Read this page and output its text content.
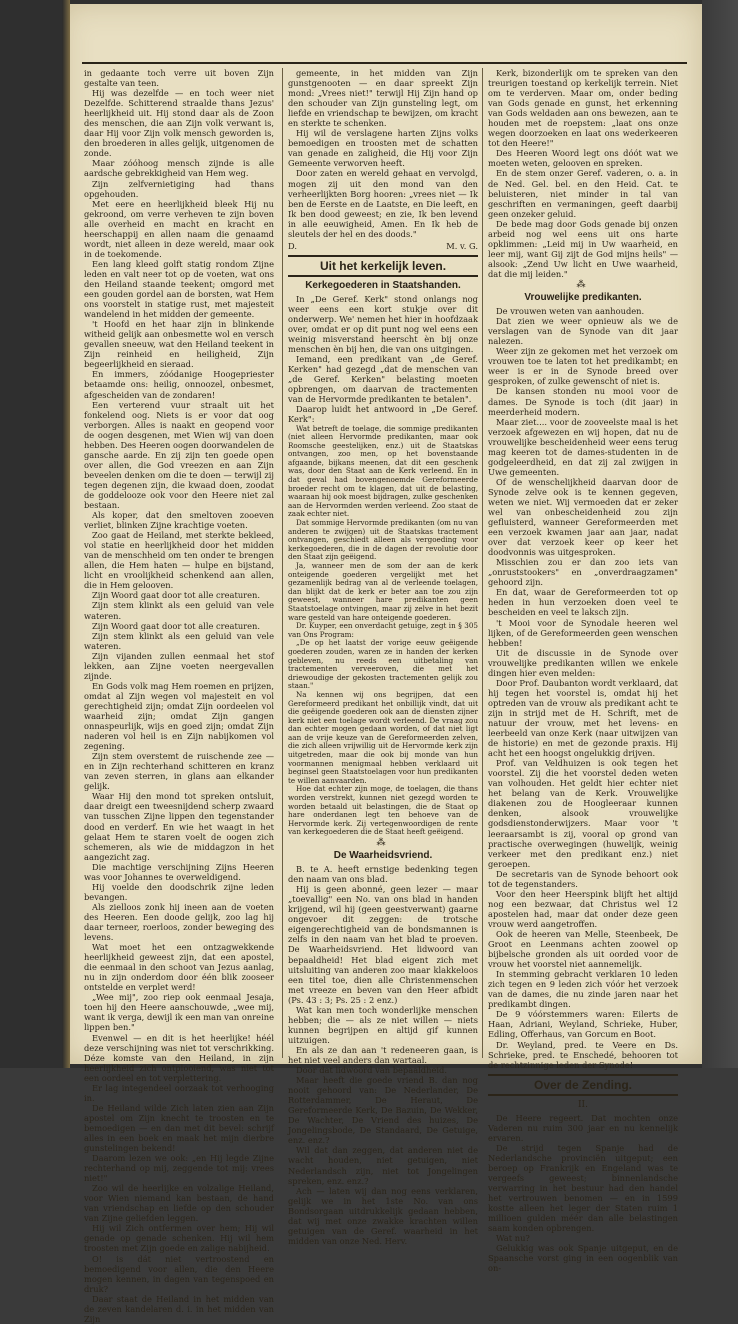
in gedaante toch verre uit boven Zijn gestalte van teen.

Hij was dezelfde — en toch weer niet Dezelfde. Schitterend straalde thans Jezus' heerlijkheid uit. Hij stond daar als de Zoon des menschen, die aan Zijn volk verwant is, daar Hij voor Zijn volk mensch geworden is, den broederen in alles gelijk, uitgenomen de zonde.

Maar zóóhoog mensch zijnde is alle aardsche gebrekkigheid van Hem weg.

Zijn zelfvernietiging had thans opgehouden.

Met eere en heerlijkheid bleek Hij nu gekroond, om verre verheven te zijn boven alle overheid en macht en kracht en heerschappij en allen naam die genaamd wordt, niet alleen in deze wereld, maar ook in de toekomende.

Een lang kleed golft statig rondom Zijne leden en valt neer tot op de voeten, wat ons den Heiland staande teekent; omgord met een gouden gordel aan de borsten, wat Hem ons voorstelt in statige rust, met majesteit wandelend in het midden der gemeente.

't Hoofd en het haar zijn in blinkende witheid gelijk aan onbesmette wol en versch gevallen sneeuw, wat den Heiland teekent in Zijn reinheid en heiligheid, Zijn begeerlijkheid en sieraad.

En immers, zóódanige Hoogepriester betaamde ons: heilig, onnoozel, onbesmet, afgescheiden van de zondaren!

Een verterend vuur straalt uit het fonkelend oog. Niets is er voor dat oog verborgen. Alles is naakt en geopend voor de oogen desgenen, met Wien wij van doen hebben. Des Heeren oogen doorwandelen de gansche aarde. En zij zijn ten goede open over allen, die God vreezen en aan Zijn beveelen denken om die te doen — terwijl zij tegen degenen zijn, die kwaad doen, zoodat de goddelooze ook voor den Heere niet zal bestaan.

Als koper, dat den smeltoven zooeven verliet, blinken Zijne krachtige voeten.

Zoo gaat de Heiland, met sterkte bekleed, vol statie en heerlijkheid door het midden van de menschheid om ten onder te brengen allen, die Hem haten — hulpe en bijstand, licht en vroolijkheid schenkend aan allen, die in Hem gelooven.

Zijn Woord gaat door tot alle creaturen.

Zijn stem klinkt als een geluid van vele wateren.

Zijn Woord gaat door tot alle creaturen.

Zijn stem klinkt als een geluid van vele wateren.

Zijn vijanden zullen eenmaal het stof lekken, aan Zijne voeten neergevallen zijnde.

En Gods volk mag Hem roemen en prijzen, omdat al Zijn wegen vol majesteit en vol gerechtigheid zijn; omdat Zijn oordeelen vol waarheid zijn; omdat Zijn gangen onnaspeurlijk, wijs en goed zijn; omdat Zijn naderen vol heil is en Zijn nabijkomen vol zegening.

Zijn stem overstemt de ruischende zee — en in Zijn rechterhand schitteren en kranz van zeven sterren, in glans aan elkander gelijk.

Waar Hij den mond tot spreken ontsluit, daar dreigt een tweesnijdend scherp zwaard van tusschen Zijne lippen den tegenstander dood en verderf. En wie het waagt in het gelaat Hem te staren voelt de oogen zich schemeren, als wie de middagzon in het aangezicht zag.

Die machtige verschijning Zijns Heeren was voor Johannes te overweldigend.

Hij voelde den doodschrik zijne leden bevangen.

Als zielloos zonk hij ineen aan de voeten des Heeren. Een doode gelijk, zoo lag hij daar terneer, roerloos, zonder beweging des levens.

Wat moet het een ontzagwekkende heerlijkheid geweest zijn, dat een apostel, die eenmaal in den schoot van Jezus aanlag, nu in zijn onderdom door één blik zooseer ontstelde en verplet werd!

„Wee mij", zoo riep ook eenmaal Jesaja, toen hij den Heere aanschouwde, „wee mij, want ik verga, dewijl ik een man van onreine lippen ben."

Evenwel — en dit is het heerlijke! héél deze verschijning was niet tot verschrikking. Déze komste van den Heiland, in zijn heerlijkheid zich ontplooiend, was niet tot een oordeel en tot verplettering.

Er lag integendeel oorzaak tot verhooging in.

De Heiland wilde Zich laten zien aan Zijn apostel om Zijn knecht te troosten en te bemoedigen — en dan met dit bevel: schrijf alles in een boek en maak het mijn dierbre gunstelingen bekend!

Daarom lezen we ook: „en Hij legde Zijne rechterhand op mij, zeggende tot mij: vrees niet!"

Zoo wil de heerlijke en volzalige Heiland, voor Wien niemand kan bestaan, de hand van vriendschap en liefde op den schouder van Zijne geliefden leggen.

Hij wil Zich ontfermen over hem; Hij wil genade op genade schenken. Hij wil hem troosten met Zijn goede en zalige nabijheid.

O! is dát niet vertroostend en bemoedigend voor allen, die den Heere mogen kennen, in dagen van tegenspoed en druk?

Daar staat de Heiland in het midden van de zeven kandelaren d. i. in het midden van Zijn

gemeente, in het midden van Zijn gunstgenooten — en daar spreekt Zijn mond: „Vrees niet!" terwijl Hij Zijn hand op den schouder van Zijn gunsteling legt, om liefde en vriendschap te bewijzen, om kracht en sterkte te schenken.

Hij wil de verslagene harten Zijns volks bemoedigen en troosten met de schatten van genade en zaligheid, die Hij voor Zijn Gemeente verworven heeft.

Door zaten en wereld gehaat en vervolgd, mogen zij uit den mond van den verheerlijkten Borg hooren: „vrees niet — Ik ben de Eerste en de Laatste, en Die leeft, en Ik ben dood geweest; en zie, Ik ben levend in alle eeuwigheid, Amen. En Ik heb de sleutels der hel en des doods."

D.	M. v. G.
Uit het kerkelijk leven.
Kerkegoederen in Staatshanden.

In „De Geref. Kerk" stond onlangs nog weer eens een kort stukje over dit onderwerp. We' nemen het hier in hoofdzaak over, omdat er op dit punt nog wel eens een weinig misverstand heerscht èn bij onze menschen èn bij hen, die van ons uitgingen.

Iemand, een predikant van „de Geref. Kerken" had gezegd „dat de menschen van „de Geref. Kerken" belasting moeten opbrengen, om daarvan de tractementen van de Hervormde predikanten te betalen".

Daarop luidt het antwoord in „De Geref. Kerk":

Wat betreft de toelage, die sommige predikanten (niet alleen Hervormde predikanten, maar ook Roomsche geestelijken, enz.) uit de Staatskas ontvangen, zoo men, op het bovenstaande afgaande, bijkans meenen, dat dit een geschenk was, door den Staat aan de Kerk verleend. En in dat geval had bovengenoemde Gereformeerde broeder recht om te klagen, dat uit de belasting, waaraan hij ook moest bijdragen, zulke geschenken aan de Hervormden werden verleend. Zoo staat de zaak echter niet.

Dat sommige Hervormde predikanten (om nu van anderen te zwijgen) uit de Staatskas tractement ontvangen, geschiedt alleen als vergoeding voor kerkegoederen, die in de dagen der revolutie door den Staat zijn geëigend.

Ja, wanneer men de som der aan de kerk onteigende goederen vergelijkt met het gezamenlijk bedrag van al de verleende toelagen, dan blijkt dat de kerk er beter aan toe zou zijn geweest, wanneer hare predikanten geen Staatstoelage ontvingen, maar zij zelve in het bezit ware gesteld van hare onteigende goederen.

Dr. Kuyper, een onverdacht getuige, zegt in § 305 van Ons Program:

„De op het laatst der vorige eeuw geëigende goederen zouden, waren ze in handen der kerken gebleven, nu reeds een uitbetaling van tractementen verveeroven, die met het driewoudige der gekosten tractementen gelijk zou staan."

Na kennen wij ons begrijpen, dat een Gereformeerd predikant het onbillijk vindt, dat uit die geëigende goederen ook aan de diensten zijner kerk niet een toelage wordt verleend. De vraag zou dan echter mogen gedaan worden, of dat niet ligt aan de vrije keuze van de Gereformeerden zelven, die zich alleen vrijwillig uit de Hervormde kerk zijn uitgetreden, maar die ook bij monde van hun voormannen menigmaal hebben verklaard uit beginsel geen Staatstoelagen voor hun predikanten te willen aanvaarden.

Hoe dat echter zijn moge, de toelagen, die thans worden verstrekt, kunnen niet gezegd worden te worden betaald uit belastingen, die de Staat op hare onderdanen legt ten behoeve van de Hervormde kerk. Zij vertegenwoordigen de rente van kerkegoederen die de Staat heeft geëigend.

⁂
De Waarheidsvriend.

B. te A. heeft ernstige bedenking tegen den naam van ons blad.

Hij is geen abonné, geen lezer — maar „toevallig" een No. van ons blad in handen krijgend, wil hij (geen geestverwant) gaarne ongevoer dit zeggen: de trotsche eigengerechtigheid van de bondsmannen is zelfs in den naam van het blad te proeven. De Waarheidsvriend. Het lidwoord van bepaaldheid! Het blad eigent zich met uitsluiting van anderen zoo maar klakkeloos een titel toe, dien alle Christenmenschen met vreeze en beven van den Heer afbidt (Ps. 43 : 3; Ps. 25 : 2 enz.)

Wat kan men toch wonderlijke menschen hebben; die — als ze niet willen — niets kunnen begrijpen en altijd gif kunnen uitzuigen.

En als ze dan aan 't redeneeren gaan, is het niet veel anders dan wartaal.

Door dat lidwoord van bepaaldheid.

Maar heeft die goede vriend B. dan nog nooit gehoord van: De Nederlander, De Rotterdammer, De Heraut, De Gereformeerde Kerk, De Bazuin, De Wekker, De Wachter, De Vriend des huizes, De Jongelingsbode, De Standaard, De Getuige, enz. enz.?

Wil dat dan zeggen, dat anderen niet de wacht houden, niet getuigen, niet Nederlandsch zijn, niet tot Jongelingen spreken, enz. enz.?

Ach — laten wij dan nog eens verklaren, gelijk we in het 1ste No. van ons Bondsorgaan uitdrukkelijk gedaan hebben, dat wij met onze zwakke krachten willen getuigen van de Geref. waarheid in het midden van onze Ned. Herv.

Kerk, bizonderlijk om te spreken van den treurigen toestand op kerkelijk terrein. Niet om te verderven. Maar om, onder beding van Gods genade en gunst, het erkenning van Gods weldaden aan ons bewezen, aan te houden met de roepstem: „laat ons onze wegen doorzoeken en laat ons wederkeeren tot den Heere!"

Des Heeren Woord legt ons dóót wat we moeten weten, gelooven en spreken.

En de stem onzer Geref. vaderen, o. a. in de Ned. Gel. bel. en den Heid. Cat. te beluisteren, niet minder in tal van geschriften en vermaningen, geeft daarbij geen onzeker geluid.

De bede mag door Gods genade bij onzen arbeid nog wel eens uit ons harte opklimmen: „Leid mij in Uw waarheid, en leer mij, want Gij zijt de God mijns heils" — alsook: „Zend Uw licht en Uwe waarheid, dat die mij leiden."

⁂
Vrouwelijke predikanten.

De vrouwen weten van aanhouden.

Dat zien we weer opnieuw als we de verslagen van de Synode van dit jaar nalezen.

Weer zijn ze gekomen met het verzoek om vrouwen toe te laten tot het predikambt; en weer is er in de Synode breed over gesproken, of zulke gewenscht of niet is.

De kansen stonden nu mooi voor de dames. De Synode is toch (dit jaar) in meerderheid modern.

Maar ziet.... voor de zooveelste maal is het verzoek afgewezen en wij hopen, dat nu de vrouwelijke bescheidenheid weer eens terug mag keeren tot de dames-studenten in de godgeleerdheid, en dat zij zal zwijgen in Uwe gemeenten.

Of de wenschelijkheid daarvan door de Synode zelve ook is te kennen gegeven, weten we niet. Wij vermoeden dat er zeker wel van onbescheidenheid zou zijn gefluisterd, wanneer Gereformeerden met een verzoek kwamen jaar aan jaar, nadat over dat verzoek keer op keer het doodvonnis was uitgesproken.

Misschien zou er dan zoo iets van „onruststookers" en „onverdraagzamen" gehoord zijn.

En dat, waar de Gereformeerden tot op heden in hun verzoeken doen veel te bescheiden en veel te laksch zijn.

't Mooi voor de Synodale heeren wel lijken, of de Gereformeerden geen wenschen hebben!

Uit de discussie in de Synode over vrouwelijke predikanten willen we enkele dingen hier even melden:

Door Prof. Daubanton wordt verklaard, dat hij tegen het voorstel is, omdat hij het optreden van de vrouw als predikant acht te zijn in strijd met de H. Schrift, met de natuur der vrouw, met het levens- en leerbeeld van onze Kerk (naar uitwijzen van de historie) en met de gezonde praxis. Hij acht het een hoogst ongelukkig drijven.

Prof. van Veldhuizen is ook tegen het voorstel. Zij die het voorstel deden weten van volhouden. Het geldt hier echter niet het belang van de Kerk. Vrouwelijke diakenen zou de Hoogleeraar kunnen denken, alsook vrouwelijke godsdienstonderwijzers. Maar voor 't leeraarsambt is zij, vooral op grond van practische overwegingen (huwelijk, weinig verkeer met den predikant enz.) niet geroepen.

De secretaris van de Synode behoort ook tot de tegenstanders.

Voor den heer Heerspink blijft het altijd nog een bezwaar, dat Christus wel 12 apostelen had, maar dat onder deze geen vrouw werd aangetroffen.

Ook de heeren van Melle, Steenbeek, De Groot en Leenmans achten zoowel op bijbelsche gronden als uit oorded voor de vrouw het voorstel niet aannemelijk.

In stemming gebracht verklaren 10 leden zich tegen en 9 leden zich vóór het verzoek van de dames, die nu zinde jaren naar het predikambt dingen.

De 9 vóórstemmers waren: Eilerts de Haan, Adriani, Weyland, Schrieke, Huber, Edling, Offerhaus, van Gorcum en Boot.

Dr. Weyland, pred. te Veere en Ds. Schrieke, pred. te Enschedé, behooren tot de rechtzinnige leden der Synode!

Over de Zending.
II.

De Heere regeert. Dat mochten onze Vaderen nu ruim 300 jaar en nu kennelijk ervaren.

De strijd tegen Spanje had de Nederlandsche provinciën uitgeput; een beroep op Frankrijk en Engeland was te vergeefs geweest; binnenlandsche verwarring in het bestuur had den handel het vertrouwen benomen — en in 1599 kostte alleen het leger der Staten ruim 1 millioen gulden méér dan alle belastingen saam konden opbrengen.

Wat nu?

Gelukkig was ook Spanje uitgeput, en de Spaansche vorst ging in een oogenblik van on-
